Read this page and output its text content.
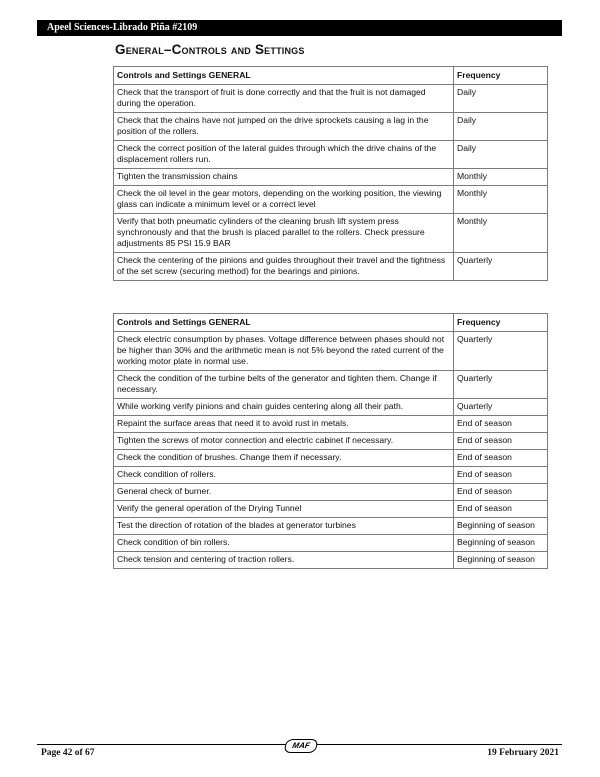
Apeel Sciences-Librado Piña #2109
General–Controls and Settings
Controls and Settings GENERAL	Frequency
Check that the transport of fruit is done correctly and that the fruit is not damaged during the operation.	Daily
Check that the chains have not jumped on the drive sprockets causing a lag in the position of the rollers.	Daily
Check the correct position of the lateral guides through which the drive chains of the displacement rollers run.	Daily
Tighten the transmission chains	Monthly
Check the oil level in the gear motors, depending on the working position, the viewing glass can indicate a minimum level or a correct level	Monthly
Verify that both pneumatic cylinders of the cleaning brush lift system press synchronously and that the brush is placed parallel to the rollers. Check pressure adjustments 85 PSI 15.9 BAR	Monthly
Check the centering of the pinions and guides throughout their travel and the tightness of the set screw (securing method) for the bearings and pinions.	Quarterly
Controls and Settings GENERAL	Frequency
Check electric consumption by phases. Voltage difference between phases should not be higher than 30% and the arithmetic mean is not 5% beyond the rated current of the working motor plate in normal use.	Quarterly
Check the condition of the turbine belts of the generator and tighten them. Change if necessary.	Quarterly
While working verify pinions and chain guides centering along all their path.	Quarterly
Repaint the surface areas that need it to avoid rust in metals.	End of season
Tighten the screws of motor connection and electric cabinet if necessary.	End of season
Check the condition of brushes. Change them if necessary.	End of season
Check condition of rollers.	End of season
General check of burner.	End of season
Verify the general operation of the Drying Tunnel	End of season
Test the direction of rotation of the blades at generator turbines	Beginning of season
Check condition of bin rollers.	Beginning of season
Check tension and centering of traction rollers.	Beginning of season
MAF
Page 42 of 67	19 February 2021
